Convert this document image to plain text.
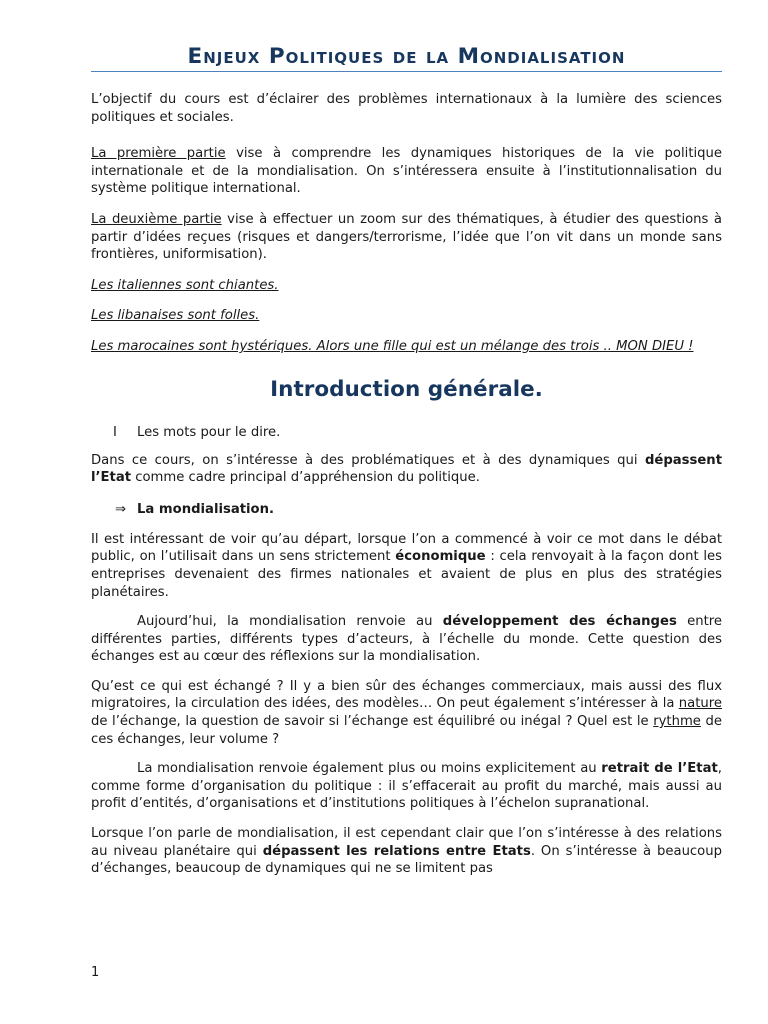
Enjeux Politiques de la Mondialisation

L’objectif du cours est d’éclairer des problèmes internationaux à la lumière des sciences politiques et sociales.

La première partie vise à comprendre les dynamiques historiques de la vie politique internationale et de la mondialisation. On s’intéressera ensuite à l’institutionnalisation du système politique international.

La deuxième partie vise à effectuer un zoom sur des thématiques, à étudier des questions à partir d’idées reçues (risques et dangers/terrorisme, l’idée que l’on vit dans un monde sans frontières, uniformisation).

Les italiennes sont chiantes.

Les libanaises sont folles.

Les marocaines sont hystériques. Alors une fille qui est un mélange des trois .. MON DIEU !

Introduction générale.
I	Les mots pour le dire.

Dans ce cours, on s’intéresse à des problématiques et à des dynamiques qui dépassent l’Etat comme cadre principal d’appréhension du politique.

⇒ La mondialisation.

Il est intéressant de voir qu’au départ, lorsque l’on a commencé à voir ce mot dans le débat public, on l’utilisait dans un sens strictement économique : cela renvoyait à la façon dont les entreprises devenaient des firmes nationales et avaient de plus en plus des stratégies planétaires.

Aujourd’hui, la mondialisation renvoie au développement des échanges entre différentes parties, différents types d’acteurs, à l’échelle du monde. Cette question des échanges est au cœur des réflexions sur la mondialisation.

Qu’est ce qui est échangé ? Il y a bien sûr des échanges commerciaux, mais aussi des flux migratoires, la circulation des idées, des modèles… On peut également s’intéresser à la nature de l’échange, la question de savoir si l’échange est équilibré ou inégal ? Quel est le rythme de ces échanges, leur volume ?

La mondialisation renvoie également plus ou moins explicitement au retrait de l’Etat, comme forme d’organisation du politique : il s’effacerait au profit du marché, mais aussi au profit d’entités, d’organisations et d’institutions politiques à l’échelon supranational.

Lorsque l’on parle de mondialisation, il est cependant clair que l’on s’intéresse à des relations au niveau planétaire qui dépassent les relations entre Etats. On s’intéresse à beaucoup d’échanges, beaucoup de dynamiques qui ne se limitent pas

1
